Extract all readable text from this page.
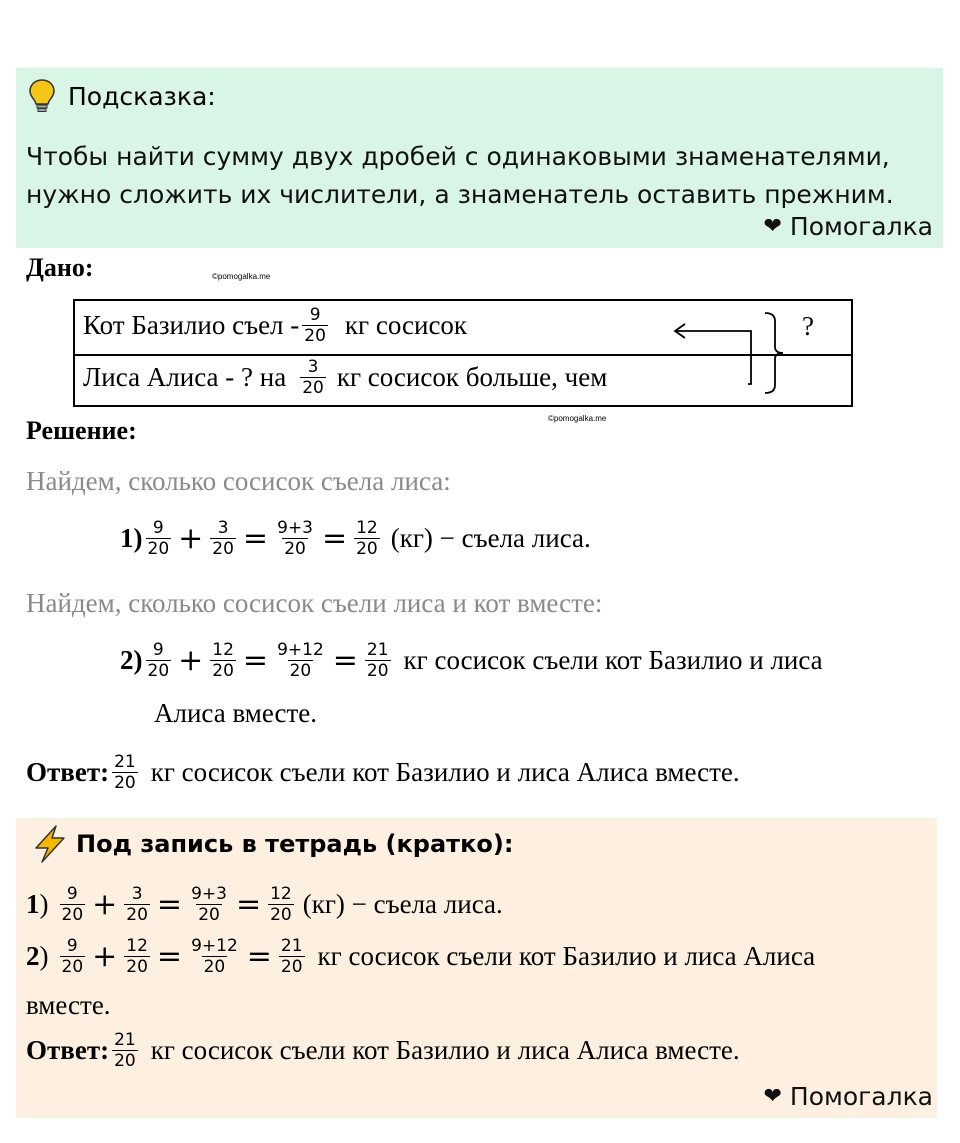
Подсказка:
Чтобы найти сумму двух дробей с одинаковыми знаменателями,
нужно сложить их числители, а знаменатель оставить прежним.
❤ Помогалка
Дано:	©pomogalka.me
Кот Базилио съел - $\frac{9}{20}$ кг сосисок
Лиса Алиса - ? на $\frac{3}{20}$ кг сосисок больше, чем
?
©pomogalka.me
Решение:
Найдем, сколько сосисок съела лиса:
$1) \frac{9}{20} + \frac{3}{20} = \frac{9+3}{20} = \frac{12}{20} (кг)$ − съела лиса.
Найдем, сколько сосисок съели лиса и кот вместе:
$2) \frac{9}{20} + \frac{12}{20} = \frac{9+12}{20} = \frac{21}{20}$ кг сосисок съели кот Базилио и лиса
Алиса вместе.
Ответ: $\frac{21}{20}$ кг сосисок съели кот Базилио и лиса Алиса вместе.
Под запись в тетрадь (кратко):
1 ) $\frac{9}{20} + \frac{3}{20} = \frac{9+3}{20} = \frac{12}{20} (кг)$ − съела лиса.
2 ) $\frac{9}{20} + \frac{12}{20} = \frac{9+12}{20} = \frac{21}{20}$ кг сосисок съели кот Базилио и лиса Алиса
вместе.
Ответ: $\frac{21}{20}$ кг сосисок съели кот Базилио и лиса Алиса вместе.
❤ Помогалка
